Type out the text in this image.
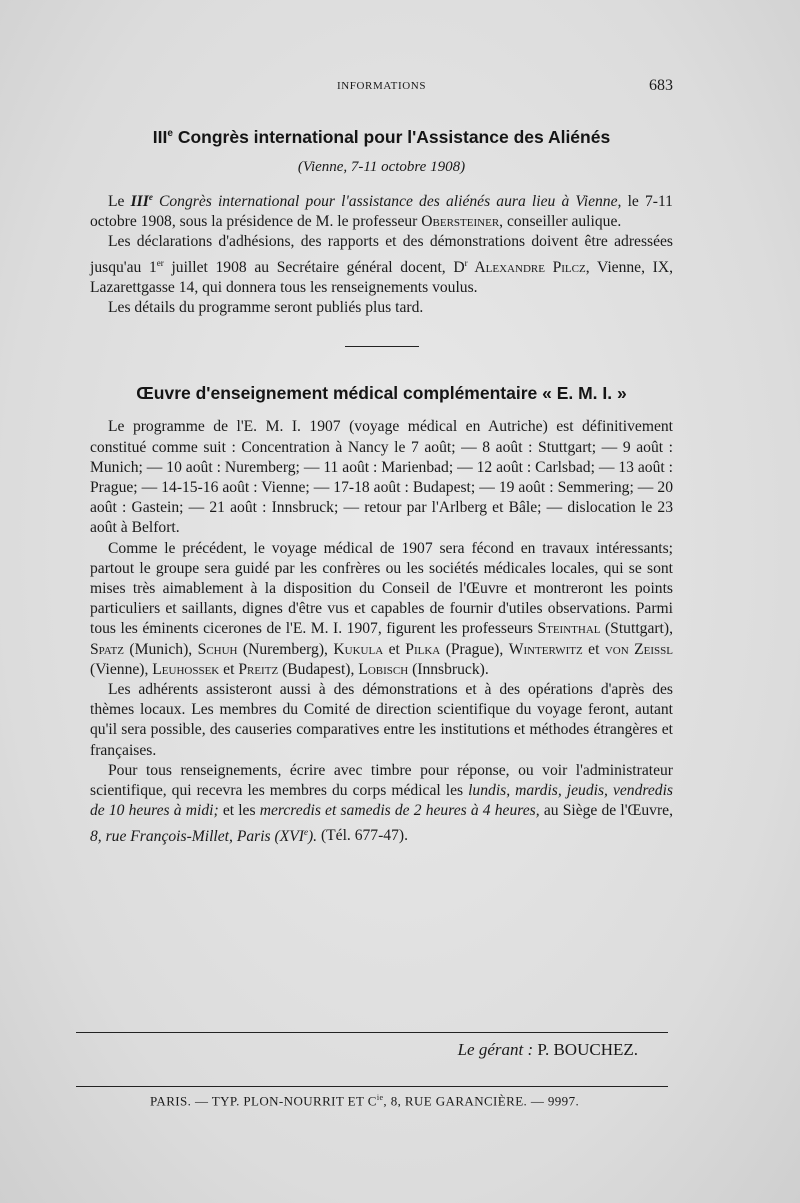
INFORMATIONS	683
IIIe Congrès international pour l'Assistance des Aliénés
(Vienne, 7-11 octobre 1908)

Le IIIe Congrès international pour l'assistance des aliénés aura lieu à Vienne, le 7-11 octobre 1908, sous la présidence de M. le professeur Obersteiner, conseiller aulique.

Les déclarations d'adhésions, des rapports et des démonstrations doivent être adressées jusqu'au 1er juillet 1908 au Secrétaire général docent, $D^r$ Alexandre Pilcz, Vienne, IX, Lazarettgasse 14, qui donnera tous les renseignements voulus.

Les détails du programme seront publiés plus tard.

Œuvre d'enseignement médical complémentaire « E. M. I. »

Le programme de l'E. M. I. 1907 (voyage médical en Autriche) est définitivement constitué comme suit : Concentration à Nancy le 7 août; — 8 août : Stuttgart; — 9 août : Munich; — 10 août : Nuremberg; — 11 août : Marienbad; — 12 août : Carlsbad; — 13 août : Prague; — 14-15-16 août : Vienne; — 17-18 août : Budapest; — 19 août : Semmering; — 20 août : Gastein; — 21 août : Innsbruck; — retour par l'Arlberg et Bâle; — dislocation le 23 août à Belfort.

Comme le précédent, le voyage médical de 1907 sera fécond en travaux intéressants; partout le groupe sera guidé par les confrères ou les sociétés médicales locales, qui se sont mises très aimablement à la disposition du Conseil de l'Œuvre et montreront les points particuliers et saillants, dignes d'être vus et capables de fournir d'utiles observations. Parmi tous les éminents cicerones de l'E. M. I. 1907, figurent les professeurs Steinthal (Stuttgart), Spatz (Munich), Schuh (Nuremberg), Kukula et Pilka (Prague), Winterwitz et von Zeissl (Vienne), Leuhossek et Preitz (Budapest), Lobisch (Innsbruck).

Les adhérents assisteront aussi à des démonstrations et à des opérations d'après des thèmes locaux. Les membres du Comité de direction scientifique du voyage feront, autant qu'il sera possible, des causeries comparatives entre les institutions et méthodes étrangères et françaises.

Pour tous renseignements, écrire avec timbre pour réponse, ou voir l'administrateur scientifique, qui recevra les membres du corps médical les lundis, mardis, jeudis, vendredis de 10 heures à midi; et les mercredis et samedis de 2 heures à 4 heures, au Siège de l'Œuvre, 8, rue François-Millet, Paris (XVIe). (Tél. 677-47).

Le gérant : P. BOUCHEZ.
PARIS. — TYP. PLON-NOURRIT ET $C^{ie}$, 8, RUE GARANCIÈRE. — 9997.
